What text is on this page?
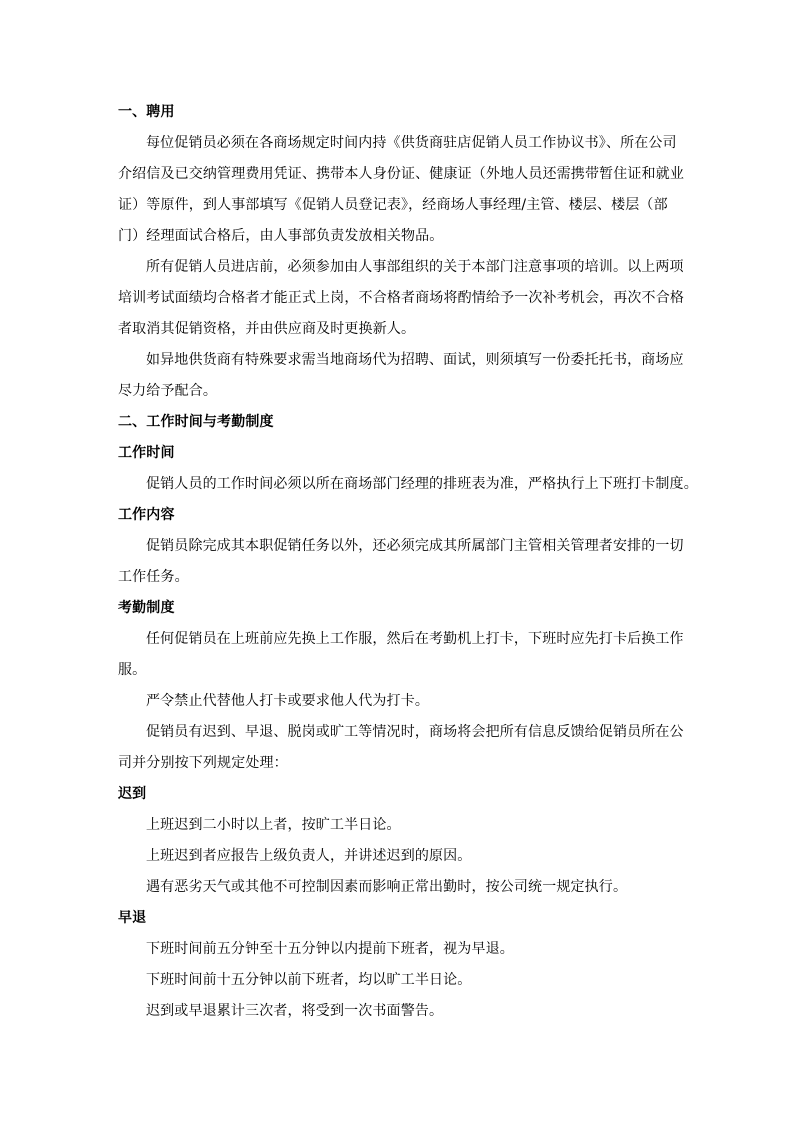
一、聘用
每位促销员必须在各商场规定时间内持《供货商驻店促销人员工作协议书》、所在公司
介绍信及已交纳管理费用凭证、携带本人身份证、健康证（外地人员还需携带暂住证和就业
证）等原件，到人事部填写《促销人员登记表》，经商场人事经理/主管、楼层、楼层（部
门）经理面试合格后，由人事部负责发放相关物品。
所有促销人员进店前，必须参加由人事部组织的关于本部门注意事项的培训。以上两项
培训考试面绩均合格者才能正式上岗，不合格者商场将酌情给予一次补考机会，再次不合格
者取消其促销资格，并由供应商及时更换新人。
如异地供货商有特殊要求需当地商场代为招聘、面试，则须填写一份委托托书，商场应
尽力给予配合。
二、工作时间与考勤制度
工作时间
促销人员的工作时间必须以所在商场部门经理的排班表为准，严格执行上下班打卡制度。
工作内容
促销员除完成其本职促销任务以外，还必须完成其所属部门主管相关管理者安排的一切
工作任务。
考勤制度
任何促销员在上班前应先换上工作服，然后在考勤机上打卡，下班时应先打卡后换工作
服。
严令禁止代替他人打卡或要求他人代为打卡。
促销员有迟到、早退、脱岗或旷工等情况时，商场将会把所有信息反馈给促销员所在公
司并分别按下列规定处理：
迟到
上班迟到二小时以上者，按旷工半日论。
上班迟到者应报告上级负责人，并讲述迟到的原因。
遇有恶劣天气或其他不可控制因素而影响正常出勤时，按公司统一规定执行。
早退
下班时间前五分钟至十五分钟以内提前下班者，视为早退。
下班时间前十五分钟以前下班者，均以旷工半日论。
迟到或早退累计三次者，将受到一次书面警告。
